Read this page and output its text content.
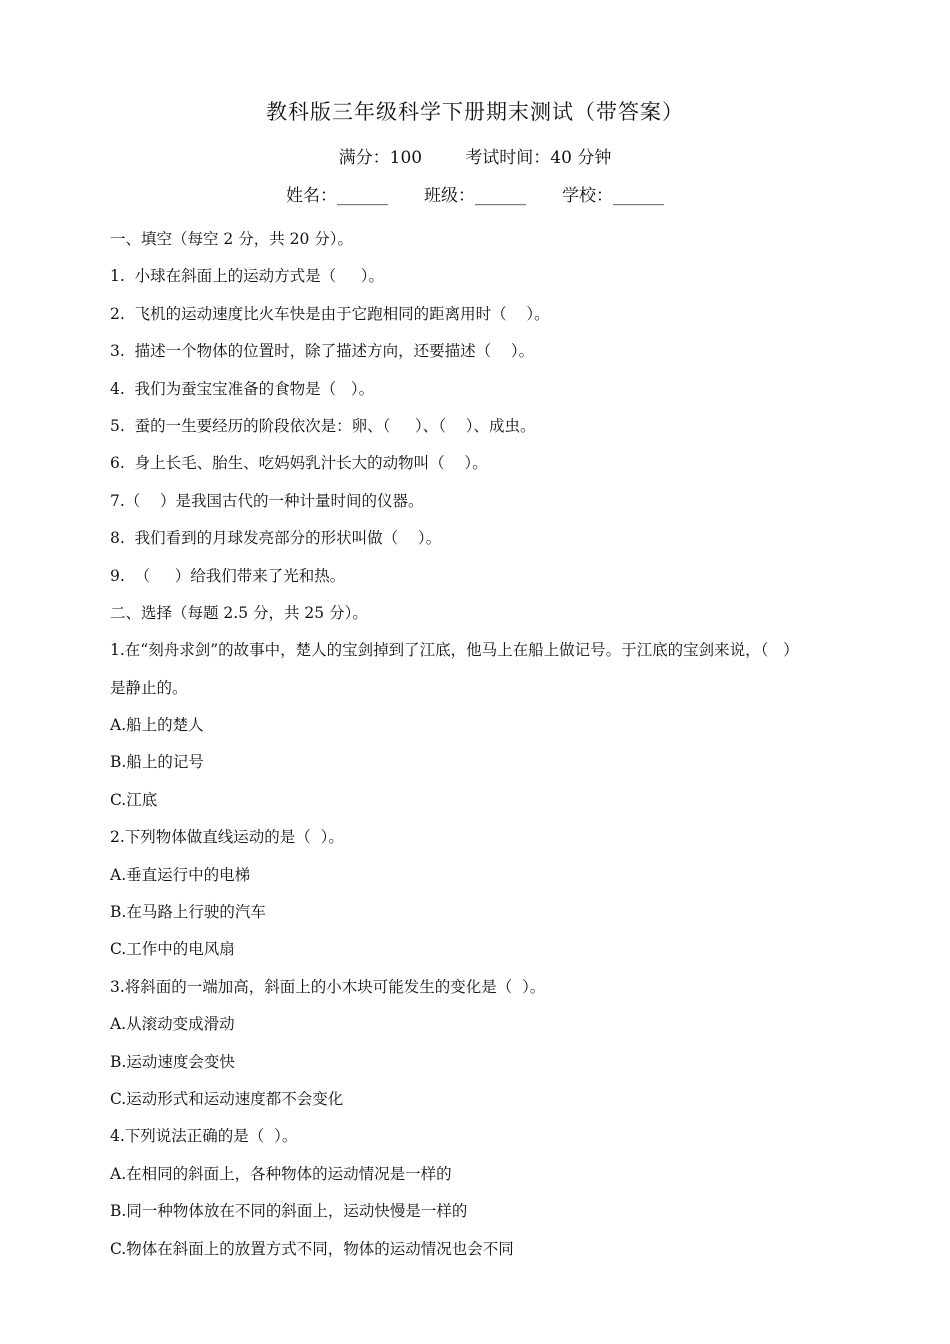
教科版三年级科学下册期末测试（带答案）
满分：100	考试时间：40 分钟
姓名：______ 班级：______ 学校：______
一、填空（每空 2 分，共 20 分）。
1.  小球在斜面上的运动方式是（     ）。
2.  飞机的运动速度比火车快是由于它跑相同的距离用时（    ）。
3.  描述一个物体的位置时，除了描述方向，还要描述（    ）。
4.  我们为蚕宝宝准备的食物是（   ）。
5.  蚕的一生要经历的阶段依次是：卵、（     ）、（    ）、成虫。
6.  身上长毛、胎生、吃妈妈乳汁长大的动物叫（    ）。
7.（    ）是我国古代的一种计量时间的仪器。
8.  我们看到的月球发亮部分的形状叫做（    ）。
9.  （     ）给我们带来了光和热。
二、选择（每题 2.5 分，共 25 分）。
1.在“刻舟求剑”的故事中，楚人的宝剑掉到了江底，他马上在船上做记号。于江底的宝剑来说，（   ）
是静止的。
A.船上的楚人
B.船上的记号
C.江底
2.下列物体做直线运动的是（  ）。
A.垂直运行中的电梯
B.在马路上行驶的汽车
C.工作中的电风扇
3.将斜面的一端加高，斜面上的小木块可能发生的变化是（  ）。
A.从滚动变成滑动
B.运动速度会变快
C.运动形式和运动速度都不会变化
4.下列说法正确的是（  ）。
A.在相同的斜面上，各种物体的运动情况是一样的
B.同一种物体放在不同的斜面上，运动快慢是一样的
C.物体在斜面上的放置方式不同，物体的运动情况也会不同
